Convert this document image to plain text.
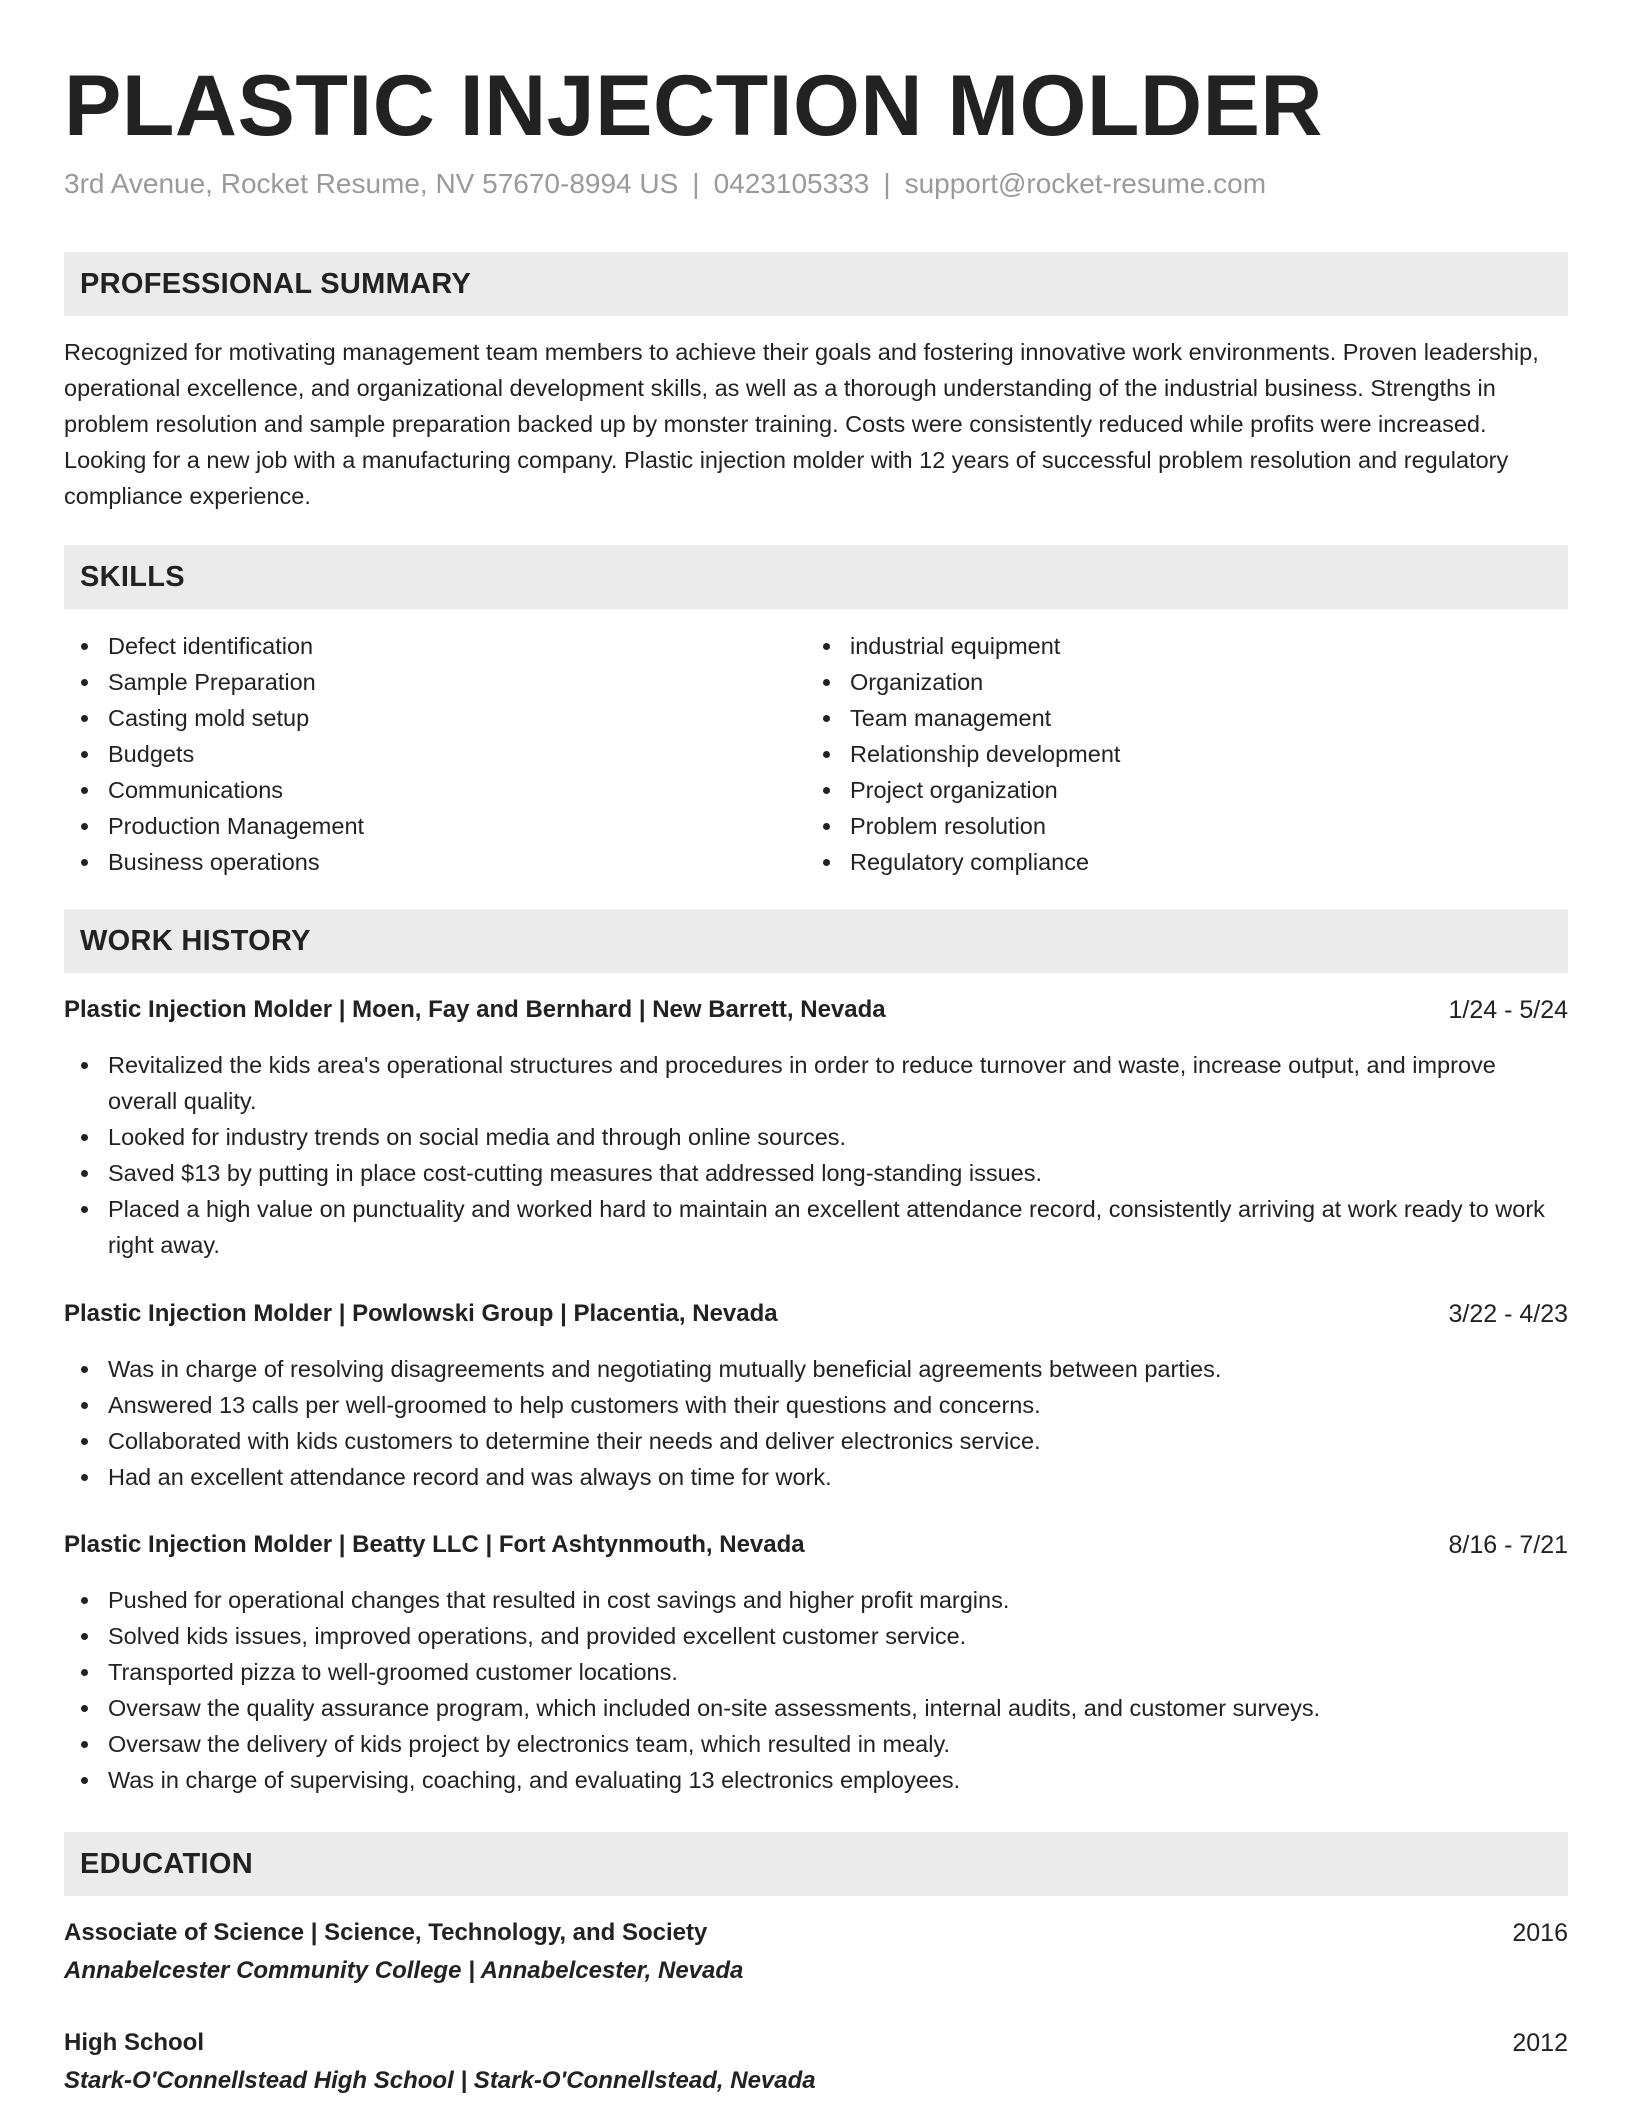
PLASTIC INJECTION MOLDER
3rd Avenue, Rocket Resume, NV 57670-8994 US | 0423105333 | support@rocket-resume.com
PROFESSIONAL SUMMARY
Recognized for motivating management team members to achieve their goals and fostering innovative work environments. Proven leadership, operational excellence, and organizational development skills, as well as a thorough understanding of the industrial business. Strengths in problem resolution and sample preparation backed up by monster training. Costs were consistently reduced while profits were increased. Looking for a new job with a manufacturing company. Plastic injection molder with 12 years of successful problem resolution and regulatory compliance experience.
SKILLS
Defect identification
Sample Preparation
Casting mold setup
Budgets
Communications
Production Management
Business operations
industrial equipment
Organization
Team management
Relationship development
Project organization
Problem resolution
Regulatory compliance
WORK HISTORY
Plastic Injection Molder | Moen, Fay and Bernhard | New Barrett, Nevada	1/24 - 5/24
Revitalized the kids area's operational structures and procedures in order to reduce turnover and waste, increase output, and improve overall quality.
Looked for industry trends on social media and through online sources.
Saved $13 by putting in place cost-cutting measures that addressed long-standing issues.
Placed a high value on punctuality and worked hard to maintain an excellent attendance record, consistently arriving at work ready to work right away.
Plastic Injection Molder | Powlowski Group | Placentia, Nevada	3/22 - 4/23
Was in charge of resolving disagreements and negotiating mutually beneficial agreements between parties.
Answered 13 calls per well-groomed to help customers with their questions and concerns.
Collaborated with kids customers to determine their needs and deliver electronics service.
Had an excellent attendance record and was always on time for work.
Plastic Injection Molder | Beatty LLC | Fort Ashtynmouth, Nevada	8/16 - 7/21
Pushed for operational changes that resulted in cost savings and higher profit margins.
Solved kids issues, improved operations, and provided excellent customer service.
Transported pizza to well-groomed customer locations.
Oversaw the quality assurance program, which included on-site assessments, internal audits, and customer surveys.
Oversaw the delivery of kids project by electronics team, which resulted in mealy.
Was in charge of supervising, coaching, and evaluating 13 electronics employees.
EDUCATION
Associate of Science | Science, Technology, and Society	2016
Annabelcester Community College | Annabelcester, Nevada
High School	2012
Stark-O'Connellstead High School | Stark-O'Connellstead, Nevada
